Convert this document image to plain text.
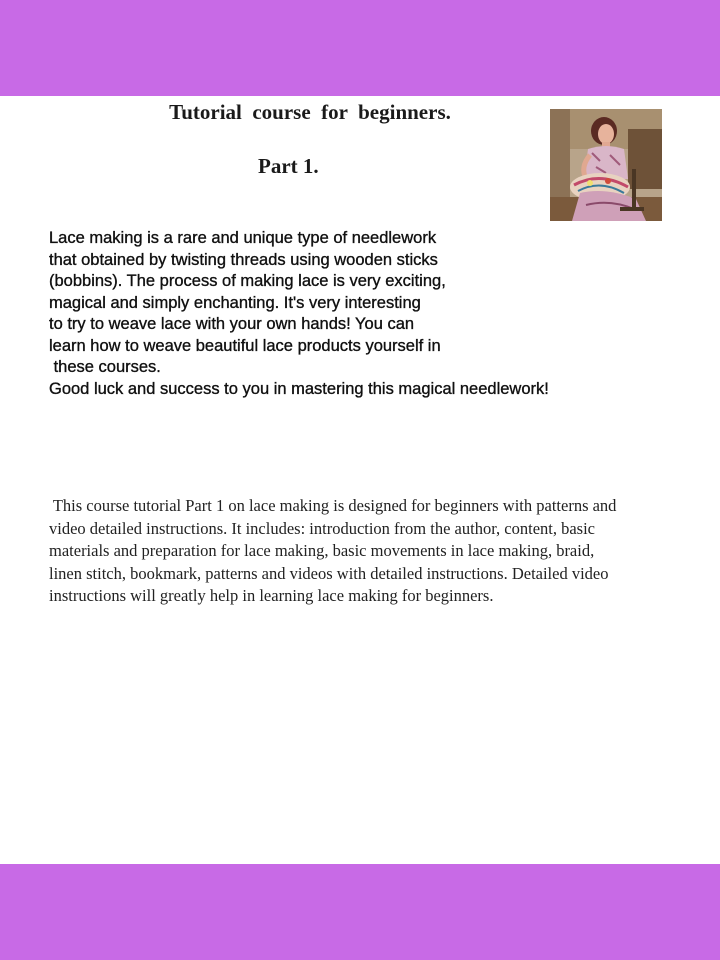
Tutorial  course  for  beginners.
Part 1.
Lace making is a rare and unique type of needlework
that obtained by twisting threads using wooden sticks
(bobbins). The process of making lace is very exciting,
magical and simply enchanting. It's very interesting
to try to weave lace with your own hands! You can
learn how to weave beautiful lace products yourself in
these courses.
Good luck and success to you in mastering this magical needlework!
This course tutorial Part 1 on lace making is designed for beginners with patterns and
video detailed instructions. It includes: introduction from the author, content, basic
materials and preparation for lace making, basic movements in lace making, braid,
linen stitch, bookmark, patterns and videos with detailed instructions. Detailed video
instructions will greatly help in learning lace making for beginners.
